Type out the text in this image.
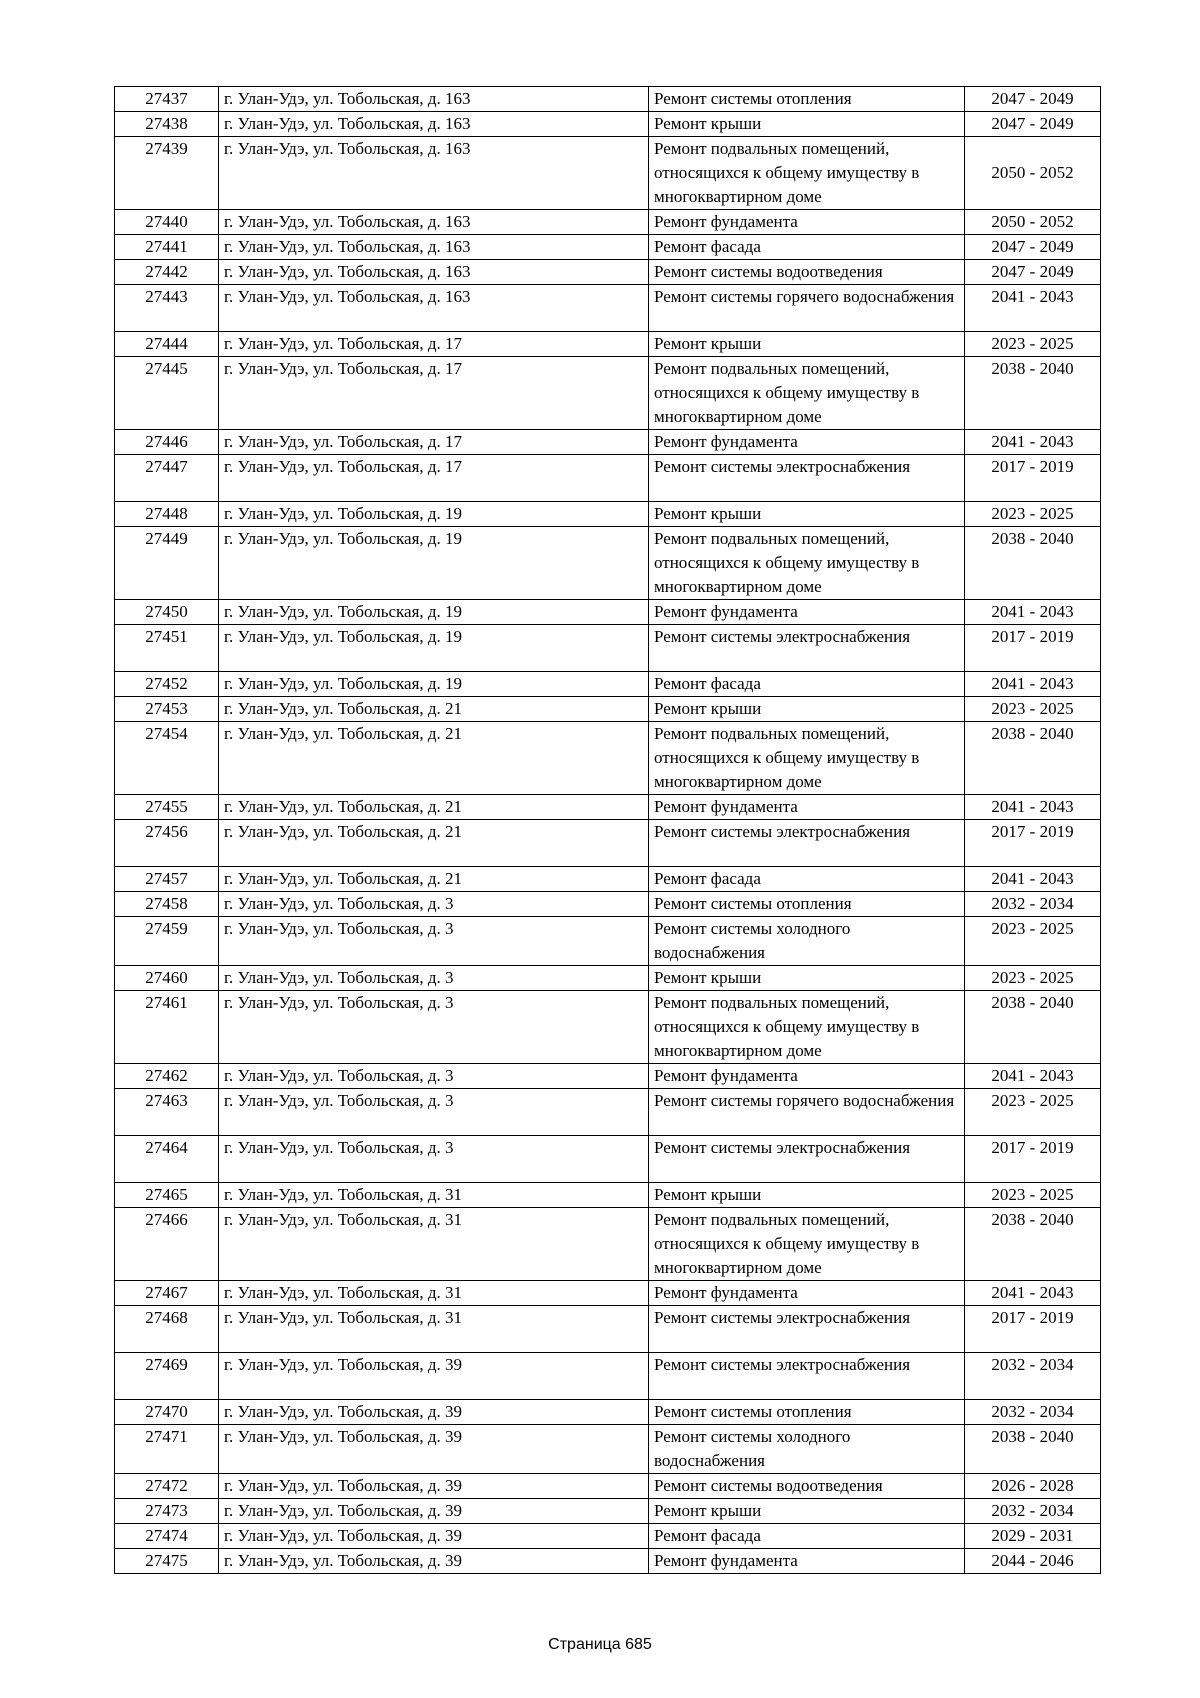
27437	г. Улан-Удэ, ул. Тобольская, д. 163	Ремонт системы отопления	2047 - 2049
27438	г. Улан-Удэ, ул. Тобольская, д. 163	Ремонт крыши	2047 - 2049
27439	г. Улан-Удэ, ул. Тобольская, д. 163	Ремонт подвальных помещений, относящихся к общему имуществу в многоквартирном доме	2050 - 2052
27440	г. Улан-Удэ, ул. Тобольская, д. 163	Ремонт фундамента	2050 - 2052
27441	г. Улан-Удэ, ул. Тобольская, д. 163	Ремонт фасада	2047 - 2049
27442	г. Улан-Удэ, ул. Тобольская, д. 163	Ремонт системы водоотведения	2047 - 2049
27443	г. Улан-Удэ, ул. Тобольская, д. 163	Ремонт системы горячего водоснабжения	2041 - 2043
27444	г. Улан-Удэ, ул. Тобольская, д. 17	Ремонт крыши	2023 - 2025
27445	г. Улан-Удэ, ул. Тобольская, д. 17	Ремонт подвальных помещений, относящихся к общему имуществу в многоквартирном доме	2038 - 2040
27446	г. Улан-Удэ, ул. Тобольская, д. 17	Ремонт фундамента	2041 - 2043
27447	г. Улан-Удэ, ул. Тобольская, д. 17	Ремонт системы электроснабжения	2017 - 2019
27448	г. Улан-Удэ, ул. Тобольская, д. 19	Ремонт крыши	2023 - 2025
27449	г. Улан-Удэ, ул. Тобольская, д. 19	Ремонт подвальных помещений, относящихся к общему имуществу в многоквартирном доме	2038 - 2040
27450	г. Улан-Удэ, ул. Тобольская, д. 19	Ремонт фундамента	2041 - 2043
27451	г. Улан-Удэ, ул. Тобольская, д. 19	Ремонт системы электроснабжения	2017 - 2019
27452	г. Улан-Удэ, ул. Тобольская, д. 19	Ремонт фасада	2041 - 2043
27453	г. Улан-Удэ, ул. Тобольская, д. 21	Ремонт крыши	2023 - 2025
27454	г. Улан-Удэ, ул. Тобольская, д. 21	Ремонт подвальных помещений, относящихся к общему имуществу в многоквартирном доме	2038 - 2040
27455	г. Улан-Удэ, ул. Тобольская, д. 21	Ремонт фундамента	2041 - 2043
27456	г. Улан-Удэ, ул. Тобольская, д. 21	Ремонт системы электроснабжения	2017 - 2019
27457	г. Улан-Удэ, ул. Тобольская, д. 21	Ремонт фасада	2041 - 2043
27458	г. Улан-Удэ, ул. Тобольская, д. 3	Ремонт системы отопления	2032 - 2034
27459	г. Улан-Удэ, ул. Тобольская, д. 3	Ремонт системы холодного водоснабжения	2023 - 2025
27460	г. Улан-Удэ, ул. Тобольская, д. 3	Ремонт крыши	2023 - 2025
27461	г. Улан-Удэ, ул. Тобольская, д. 3	Ремонт подвальных помещений, относящихся к общему имуществу в многоквартирном доме	2038 - 2040
27462	г. Улан-Удэ, ул. Тобольская, д. 3	Ремонт фундамента	2041 - 2043
27463	г. Улан-Удэ, ул. Тобольская, д. 3	Ремонт системы горячего водоснабжения	2023 - 2025
27464	г. Улан-Удэ, ул. Тобольская, д. 3	Ремонт системы электроснабжения	2017 - 2019
27465	г. Улан-Удэ, ул. Тобольская, д. 31	Ремонт крыши	2023 - 2025
27466	г. Улан-Удэ, ул. Тобольская, д. 31	Ремонт подвальных помещений, относящихся к общему имуществу в многоквартирном доме	2038 - 2040
27467	г. Улан-Удэ, ул. Тобольская, д. 31	Ремонт фундамента	2041 - 2043
27468	г. Улан-Удэ, ул. Тобольская, д. 31	Ремонт системы электроснабжения	2017 - 2019
27469	г. Улан-Удэ, ул. Тобольская, д. 39	Ремонт системы электроснабжения	2032 - 2034
27470	г. Улан-Удэ, ул. Тобольская, д. 39	Ремонт системы отопления	2032 - 2034
27471	г. Улан-Удэ, ул. Тобольская, д. 39	Ремонт системы холодного водоснабжения	2038 - 2040
27472	г. Улан-Удэ, ул. Тобольская, д. 39	Ремонт системы водоотведения	2026 - 2028
27473	г. Улан-Удэ, ул. Тобольская, д. 39	Ремонт крыши	2032 - 2034
27474	г. Улан-Удэ, ул. Тобольская, д. 39	Ремонт фасада	2029 - 2031
27475	г. Улан-Удэ, ул. Тобольская, д. 39	Ремонт фундамента	2044 - 2046
Страница 685
